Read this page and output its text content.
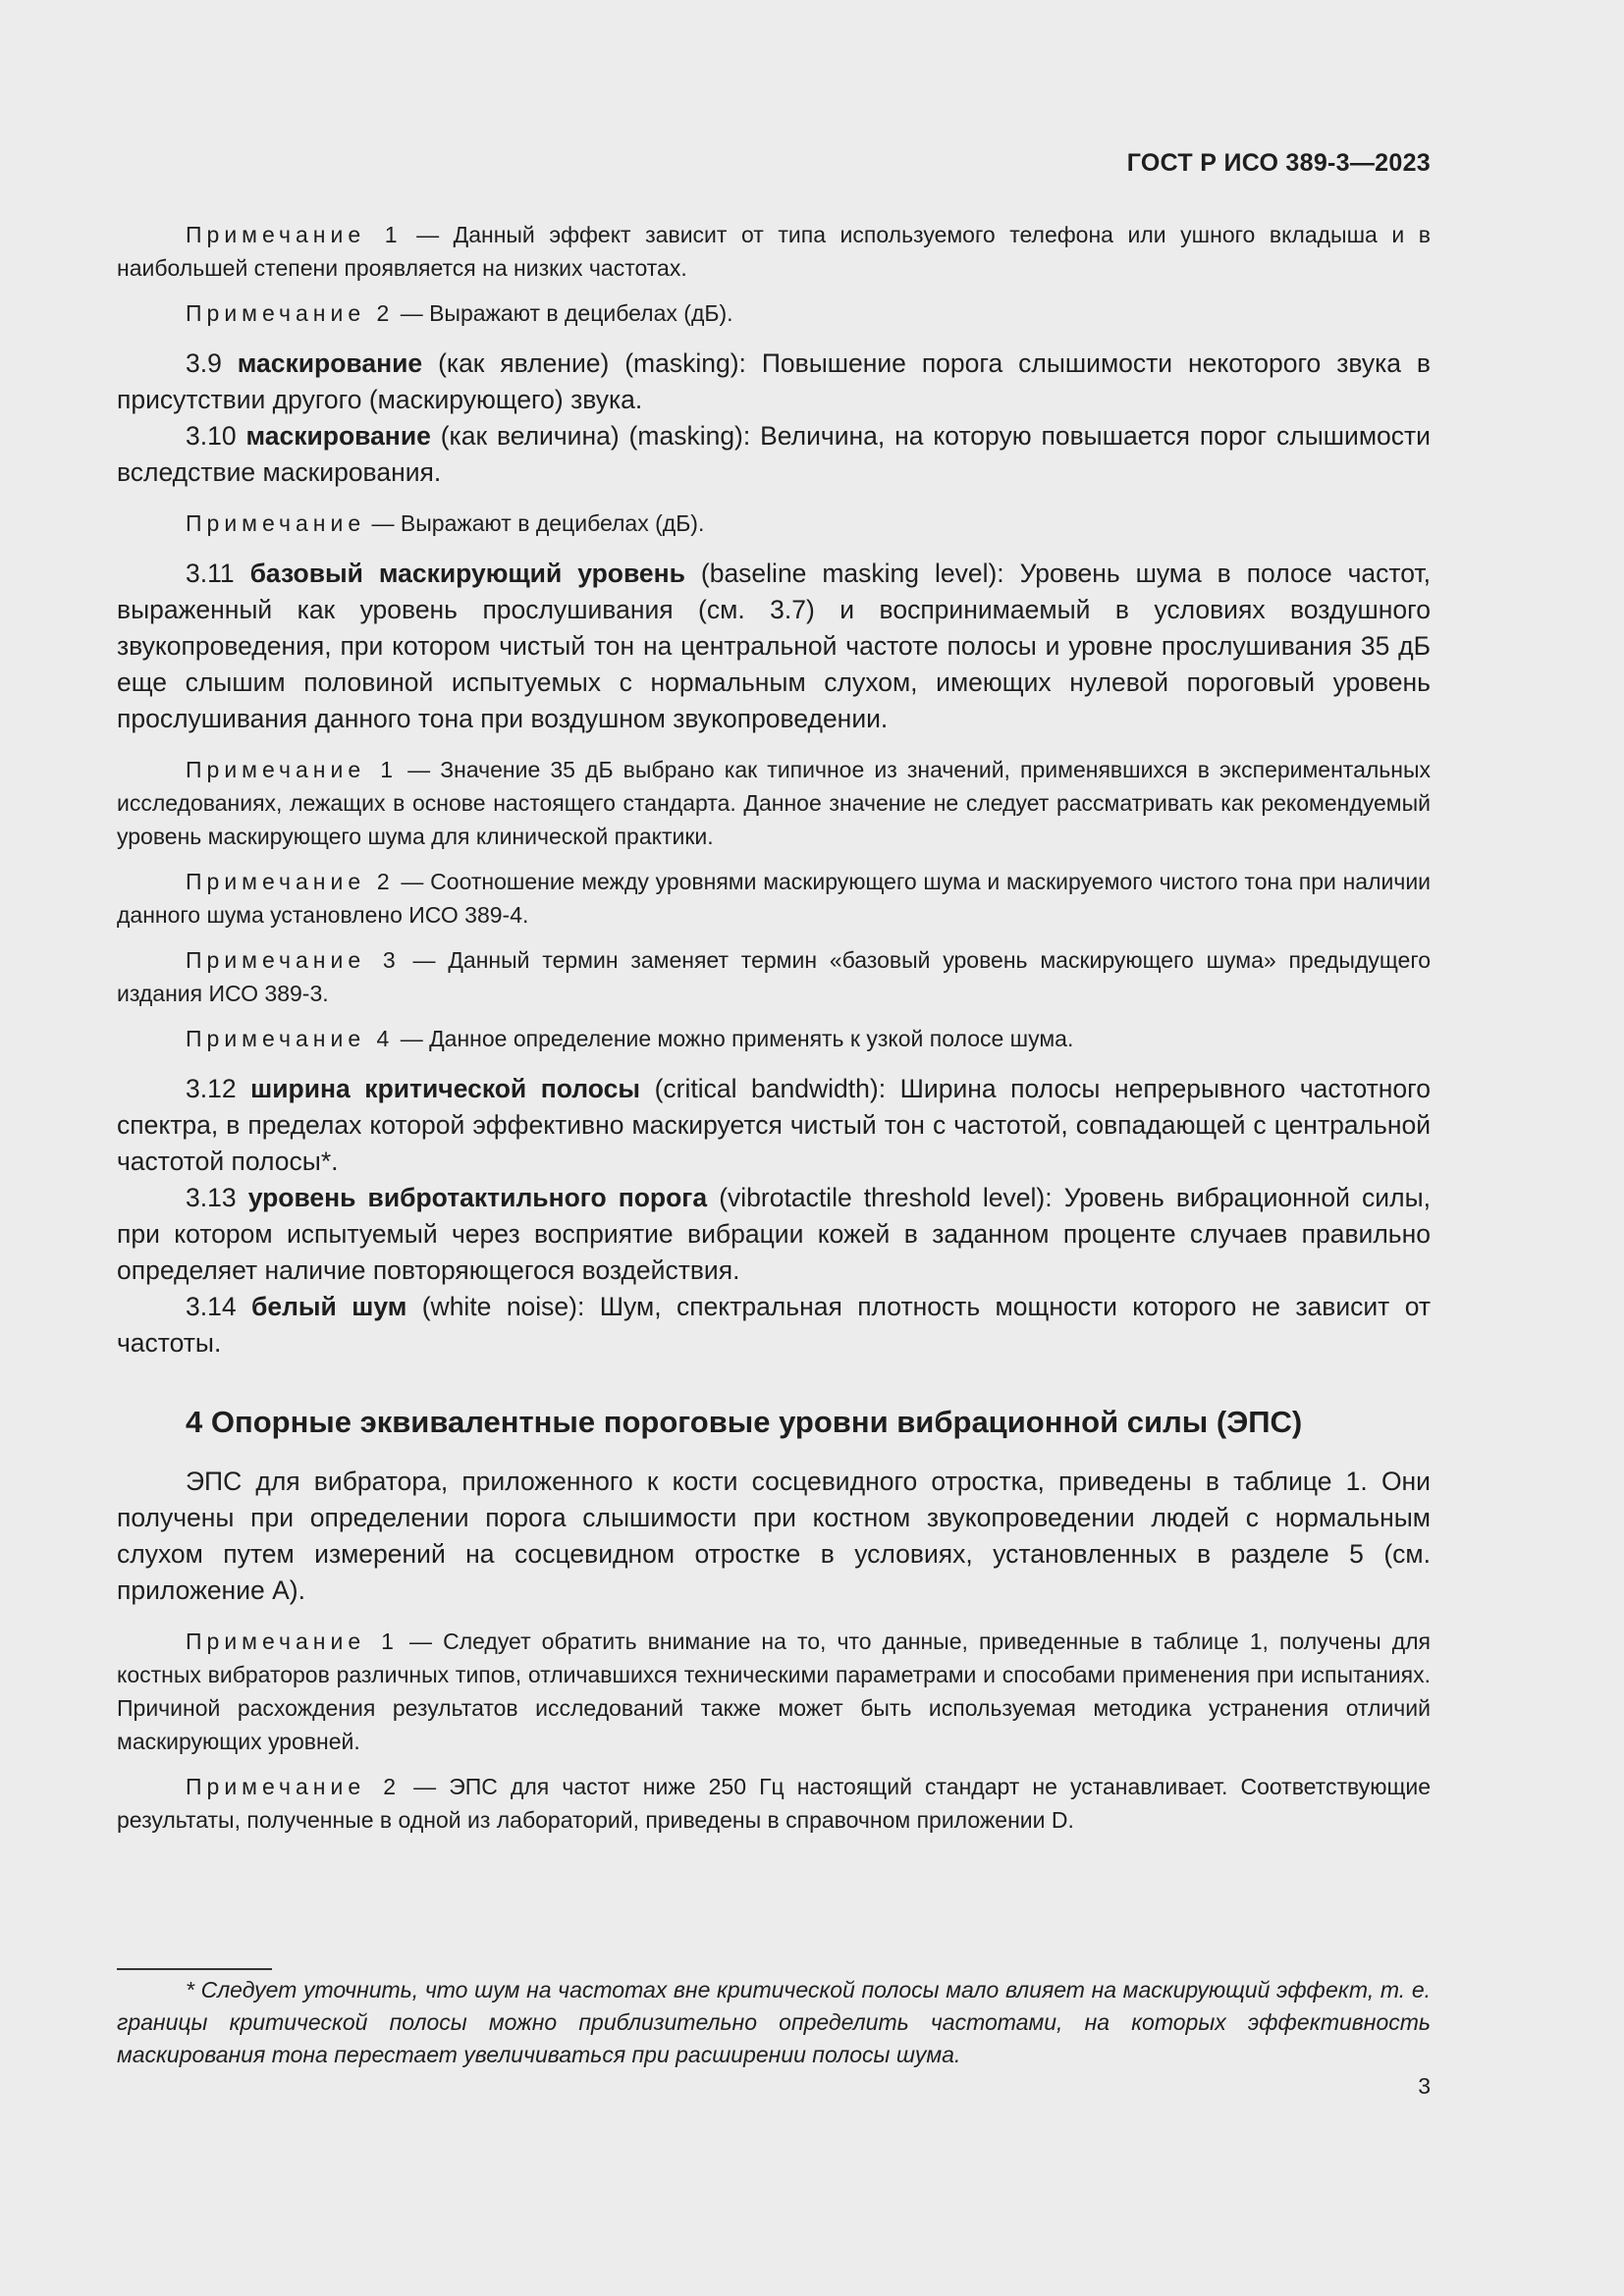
ГОСТ Р ИСО 389-3—2023

Примечание 1 — Данный эффект зависит от типа используемого телефона или ушного вкладыша и в наибольшей степени проявляется на низких частотах.

Примечание 2 — Выражают в децибелах (дБ).

3.9 маскирование (как явление) (masking): Повышение порога слышимости некоторого звука в присутствии другого (маскирующего) звука.

3.10 маскирование (как величина) (masking): Величина, на которую повышается порог слышимости вследствие маскирования.

Примечание — Выражают в децибелах (дБ).

3.11 базовый маскирующий уровень (baseline masking level): Уровень шума в полосе частот, выраженный как уровень прослушивания (см. 3.7) и воспринимаемый в условиях воздушного звукопроведения, при котором чистый тон на центральной частоте полосы и уровне прослушивания 35 дБ еще слышим половиной испытуемых с нормальным слухом, имеющих нулевой пороговый уровень прослушивания данного тона при воздушном звукопроведении.

Примечание 1 — Значение 35 дБ выбрано как типичное из значений, применявшихся в экспериментальных исследованиях, лежащих в основе настоящего стандарта. Данное значение не следует рассматривать как рекомендуемый уровень маскирующего шума для клинической практики.

Примечание 2 — Соотношение между уровнями маскирующего шума и маскируемого чистого тона при наличии данного шума установлено ИСО 389-4.

Примечание 3 — Данный термин заменяет термин «базовый уровень маскирующего шума» предыдущего издания ИСО 389-3.

Примечание 4 — Данное определение можно применять к узкой полосе шума.

3.12 ширина критической полосы (critical bandwidth): Ширина полосы непрерывного частотного спектра, в пределах которой эффективно маскируется чистый тон с частотой, совпадающей с центральной частотой полосы*.

3.13 уровень вибротактильного порога (vibrotactile threshold level): Уровень вибрационной силы, при котором испытуемый через восприятие вибрации кожей в заданном проценте случаев правильно определяет наличие повторяющегося воздействия.

3.14 белый шум (white noise): Шум, спектральная плотность мощности которого не зависит от частоты.

4 Опорные эквивалентные пороговые уровни вибрационной силы (ЭПС)

ЭПС для вибратора, приложенного к кости сосцевидного отростка, приведены в таблице 1. Они получены при определении порога слышимости при костном звукопроведении людей с нормальным слухом путем измерений на сосцевидном отростке в условиях, установленных в разделе 5 (см. приложение А).

Примечание 1 — Следует обратить внимание на то, что данные, приведенные в таблице 1, получены для костных вибраторов различных типов, отличавшихся техническими параметрами и способами применения при испытаниях. Причиной расхождения результатов исследований также может быть используемая методика устранения отличий маскирующих уровней.

Примечание 2 — ЭПС для частот ниже 250 Гц настоящий стандарт не устанавливает. Соответствующие результаты, полученные в одной из лабораторий, приведены в справочном приложении D.

* Следует уточнить, что шум на частотах вне критической полосы мало влияет на маскирующий эффект, т. е. границы критической полосы можно приблизительно определить частотами, на которых эффективность маскирования тона перестает увеличиваться при расширении полосы шума.

3
